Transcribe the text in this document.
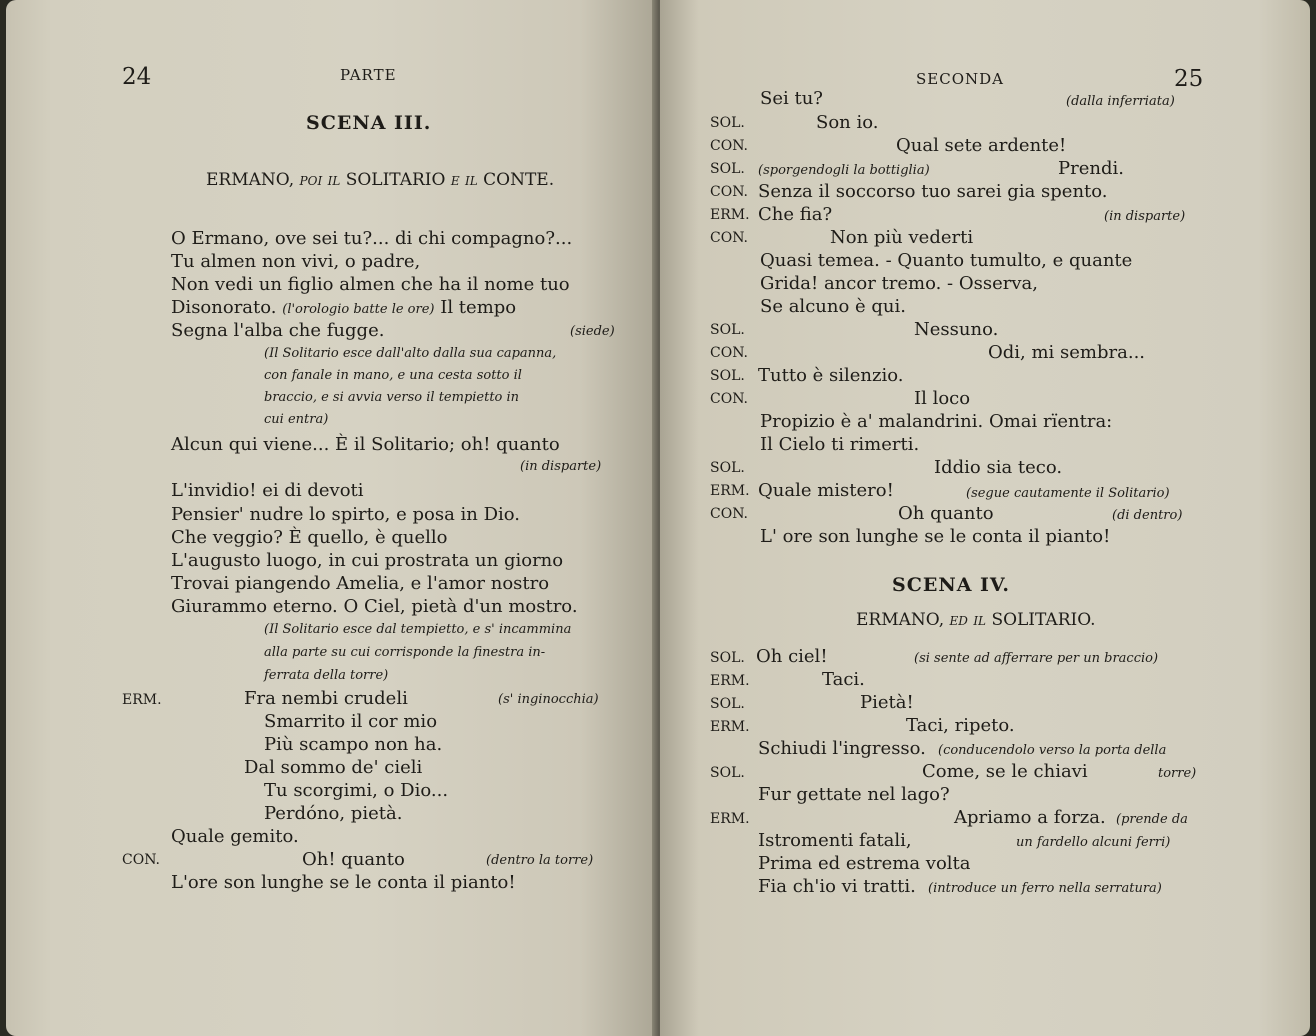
24	PARTE
SCENA III.
ERMANO, poi il SOLITARIO e il CONTE.
O Ermano, ove sei tu?... di chi compagno?...
Tu almen non vivi, o padre,
Non vedi un figlio almen che ha il nome tuo
Disonorato. (l'orologio batte le ore) Il tempo
Segna l'alba che fugge.	(siede)
(Il Solitario esce dall'alto dalla sua capanna,
con fanale in mano, e una cesta sotto il
braccio, e si avvia verso il tempietto in
cui entra)
Alcun qui viene... È il Solitario; oh! quanto
(in disparte)
L'invidio! ei di devoti
Pensier' nudre lo spirto, e posa in Dio.
Che veggio? È quello, è quello
L'augusto luogo, in cui prostrata un giorno
Trovai piangendo Amelia, e l'amor nostro
Giurammo eterno. O Ciel, pietà d'un mostro.
(Il Solitario esce dal tempietto, e s' incammina
alla parte su cui corrisponde la finestra in-
ferrata della torre)
ERM.	Fra nembi crudeli	(s' inginocchia)
Smarrito il cor mio
Più scampo non ha.
Dal sommo de' cieli
Tu scorgimi, o Dio...
Perdóno, pietà.
Quale gemito.
CON.	Oh! quanto	(dentro la torre)
L'ore son lunghe se le conta il pianto!
SECONDA	25
Sei tu?	(dalla inferriata)
SOL.	Son io.
CON.	Qual sete ardente!
SOL. (sporgendogli la bottiglia)	Prendi.
CON. Senza il soccorso tuo sarei gia spento.
ERM. Che fia?	(in disparte)
CON.	Non più vederti
Quasi temea. - Quanto tumulto, e quante
Grida! ancor tremo. - Osserva,
Se alcuno è qui.
SOL.	Nessuno.
CON.	Odi, mi sembra...
SOL. Tutto è silenzio.
CON.	Il loco
Propizio è a' malandrini. Omai rïentra:
Il Cielo ti rimerti.
SOL.	Iddio sia teco.
ERM. Quale mistero!	(segue cautamente il Solitario)
CON.	Oh quanto	(di dentro)
L' ore son lunghe se le conta il pianto!
SCENA IV.
ERMANO, ed il SOLITARIO.
SOL. Oh ciel!	(si sente ad afferrare per un braccio)
ERM.	Taci.
SOL.	Pietà!
ERM.	Taci, ripeto.
Schiudi l'ingresso. (conducendolo verso la porta della
SOL.	Come, se le chiavi	torre)
Fur gettate nel lago?
ERM.	Apriamo a forza. (prende da
Istromenti fatali,	un fardello alcuni ferri)
Prima ed estrema volta
Fia ch'io vi tratti. (introduce un ferro nella serratura)
